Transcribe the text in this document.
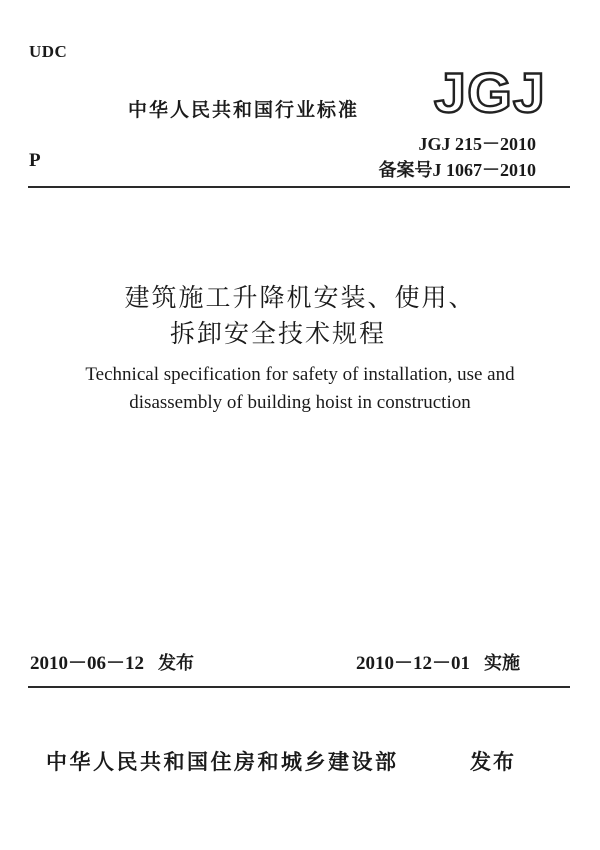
UDC
中华人民共和国行业标准 JGJ
P
JGJ 215－2010
备案号J 1067－2010
建筑施工升降机安装、使用、
拆卸安全技术规程
Technical specification for safety of installation, use and
disassembly of building hoist in construction
2010－06－12 发布	2010－12－01 实施
中华人民共和国住房和城乡建设部	发布
